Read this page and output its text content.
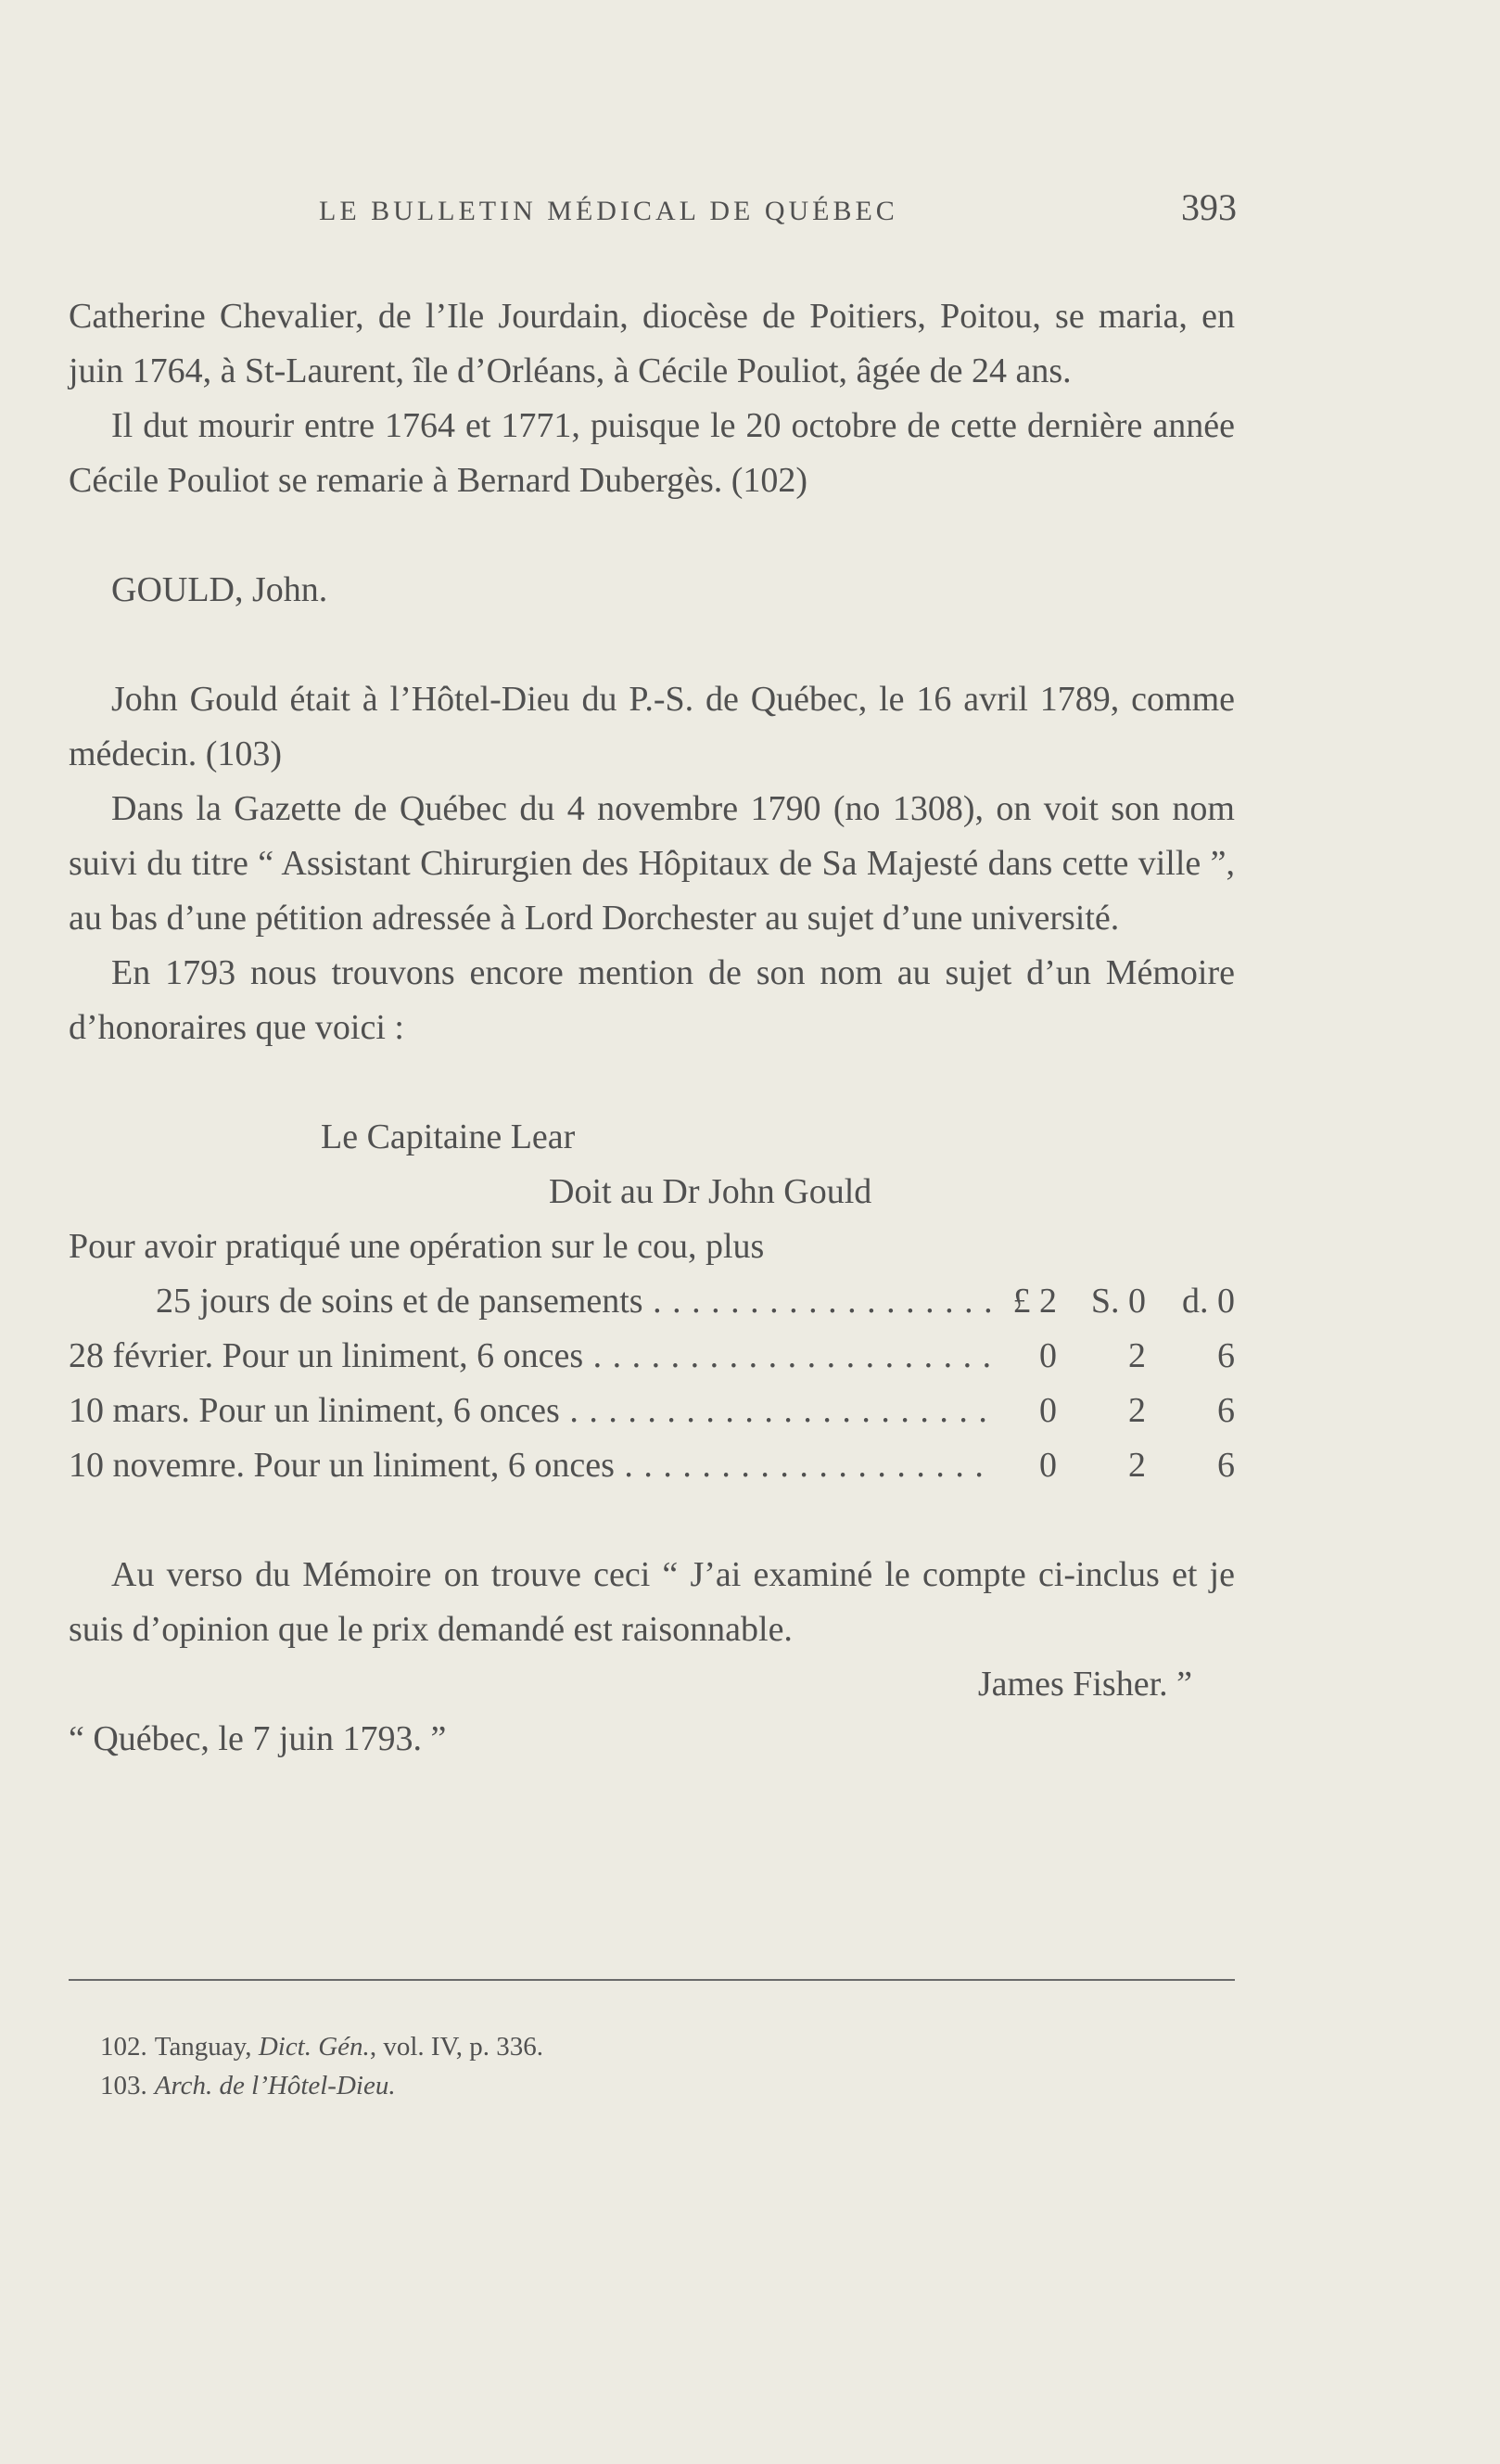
LE BULLETIN MÉDICAL DE QUÉBEC	393

Catherine Chevalier, de l’Ile Jourdain, diocèse de Poitiers, Poitou, se maria, en juin 1764, à St-Laurent, île d’Orléans, à Cécile Pouliot, âgée de 24 ans.

Il dut mourir entre 1764 et 1771, puisque le 20 octobre de cette dernière année Cécile Pouliot se remarie à Bernard Dubergès. (102)

GOULD, John.

John Gould était à l’Hôtel-Dieu du P.-S. de Québec, le 16 avril 1789, comme médecin. (103)

Dans la Gazette de Québec du 4 novembre 1790 (no 1308), on voit son nom suivi du titre “ Assistant Chirurgien des Hôpitaux de Sa Majesté dans cette ville ”, au bas d’une pétition adressée à Lord Dorchester au sujet d’une université.

En 1793 nous trouvons encore mention de son nom au sujet d’un Mémoire d’honoraires que voici :

Le Capitaine Lear
Doit au Dr John Gould
Pour avoir pratiqué une opération sur le cou, plus
25 jours de soins et de pansements . . .	£ 2 S. 0	d. 0
28 février. Pour un liniment, 6 onces . . .	0	2	6
10 mars. Pour un liniment, 6 onces . . .	0	2	6
10 novemre. Pour un liniment, 6 onces . . .	0	2	6

Au verso du Mémoire on trouve ceci “ J’ai examiné le compte ci-inclus et je suis d’opinion que le prix demandé est raisonnable.

James Fisher. ”
“ Québec, le 7 juin 1793. ”
102. Tanguay, Dict. Gén., vol. IV, p. 336.
103. Arch. de l’Hôtel-Dieu.
